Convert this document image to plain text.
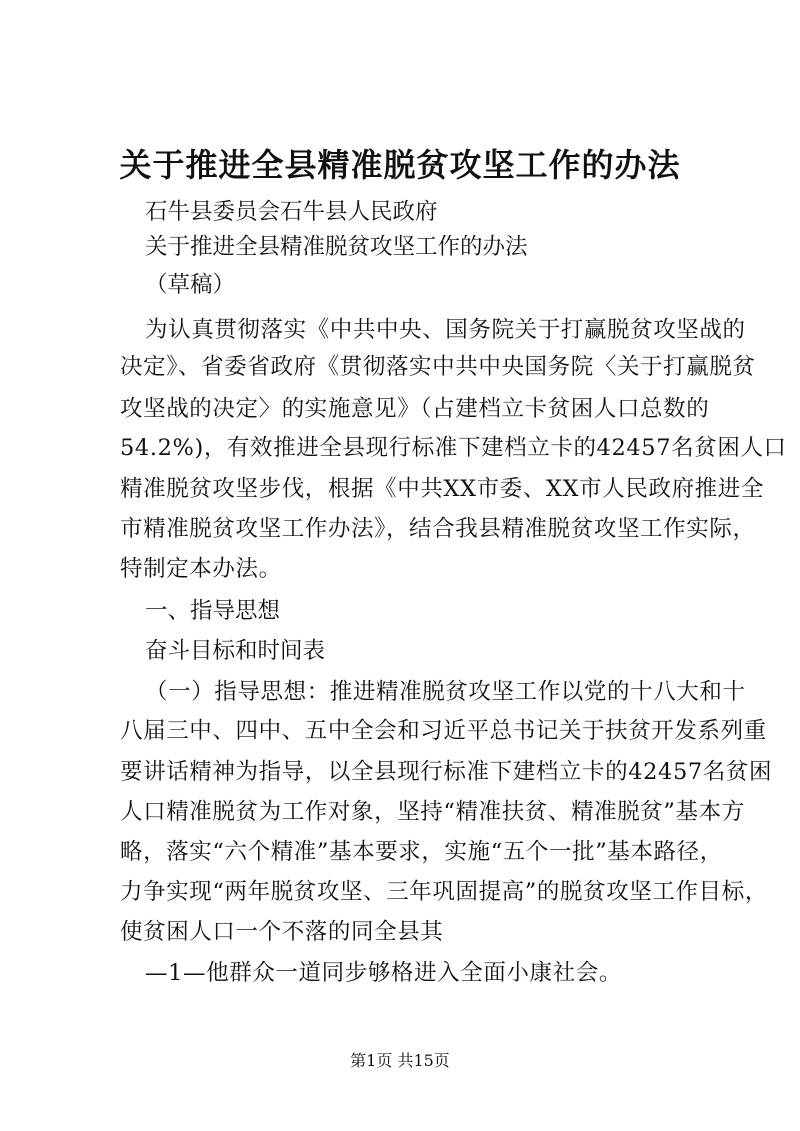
关于推进全县精准脱贫攻坚工作的办法
石牛县委员会石牛县人民政府
关于推进全县精准脱贫攻坚工作的办法
（草稿）
为认真贯彻落实《中共中央、国务院关于打赢脱贫攻坚战的
决定》、省委省政府《贯彻落实中共中央国务院〈关于打赢脱贫
攻坚战的决定〉的实施意见》（占建档立卡贫困人口总数的
54.2%)，有效推进全县现行标准下建档立卡的42457名贫困人口
精准脱贫攻坚步伐，根据《中共XX市委、XX市人民政府推进全
市精准脱贫攻坚工作办法》，结合我县精准脱贫攻坚工作实际，
特制定本办法。
一、指导思想
奋斗目标和时间表
（一）指导思想：推进精准脱贫攻坚工作以党的十八大和十
八届三中、四中、五中全会和习近平总书记关于扶贫开发系列重
要讲话精神为指导，以全县现行标准下建档立卡的42457名贫困
人口精准脱贫为工作对象，坚持“精准扶贫、精准脱贫”基本方
略，落实“六个精准”基本要求，实施“五个一批”基本路径，
力争实现“两年脱贫攻坚、三年巩固提高”的脱贫攻坚工作目标，
使贫困人口一个不落的同全县其
—1—他群众一道同步够格进入全面小康社会。
第1页 共15页
